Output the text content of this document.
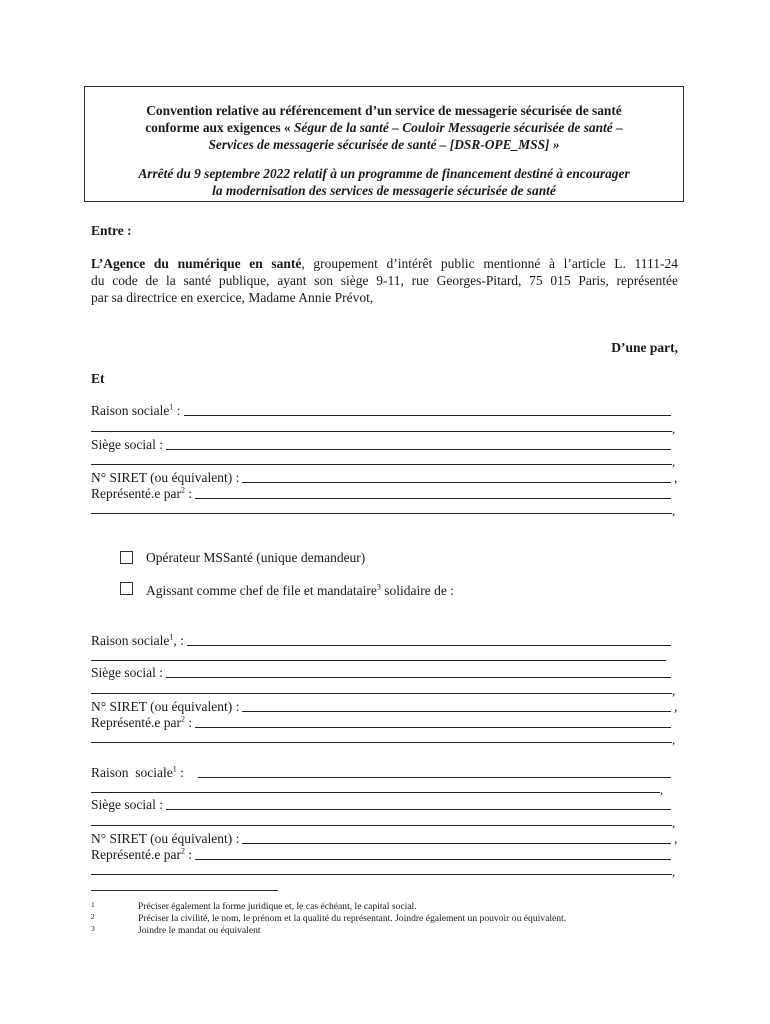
Convention relative au référencement d’un service de messagerie sécurisée de santé
conforme aux exigences « Ségur de la santé – Couloir Messagerie sécurisée de santé –
Services de messagerie sécurisée de santé – [DSR-OPE_MSS] »
Arrêté du 9 septembre 2022 relatif à un programme de financement destiné à encourager
la modernisation des services de messagerie sécurisée de santé
Entre :
L’Agence du numérique en santé, groupement d’intérêt public mentionné à l’article L. 1111-24
du code de la santé publique, ayant son siège 9-11, rue Georges-Pitard, 75 015 Paris, représentée
par sa directrice en exercice, Madame Annie Prévot,
D’une part,
Et
Raison sociale$^1$ :
,
Siège social :
,
N° SIRET (ou équivalent) :	,
Représenté.e par$^2$ :
,
Opérateur MSSanté (unique demandeur)
Agissant comme chef de file et mandataire$^3$ solidaire de :
Raison sociale$^1$, :
Siège social :
,
N° SIRET (ou équivalent) :	,
Représenté.e par$^2$ :
,
Raison  sociale$^1$ :
,
Siège social :
,
N° SIRET (ou équivalent) :	,
Représenté.e par$^2$ :
,
1	Préciser également la forme juridique et, le cas échéant, le capital social.
2	Préciser la civilité, le nom, le prénom et la qualité du représentant. Joindre également un pouvoir ou équivalent.
3	Joindre le mandat ou équivalent
